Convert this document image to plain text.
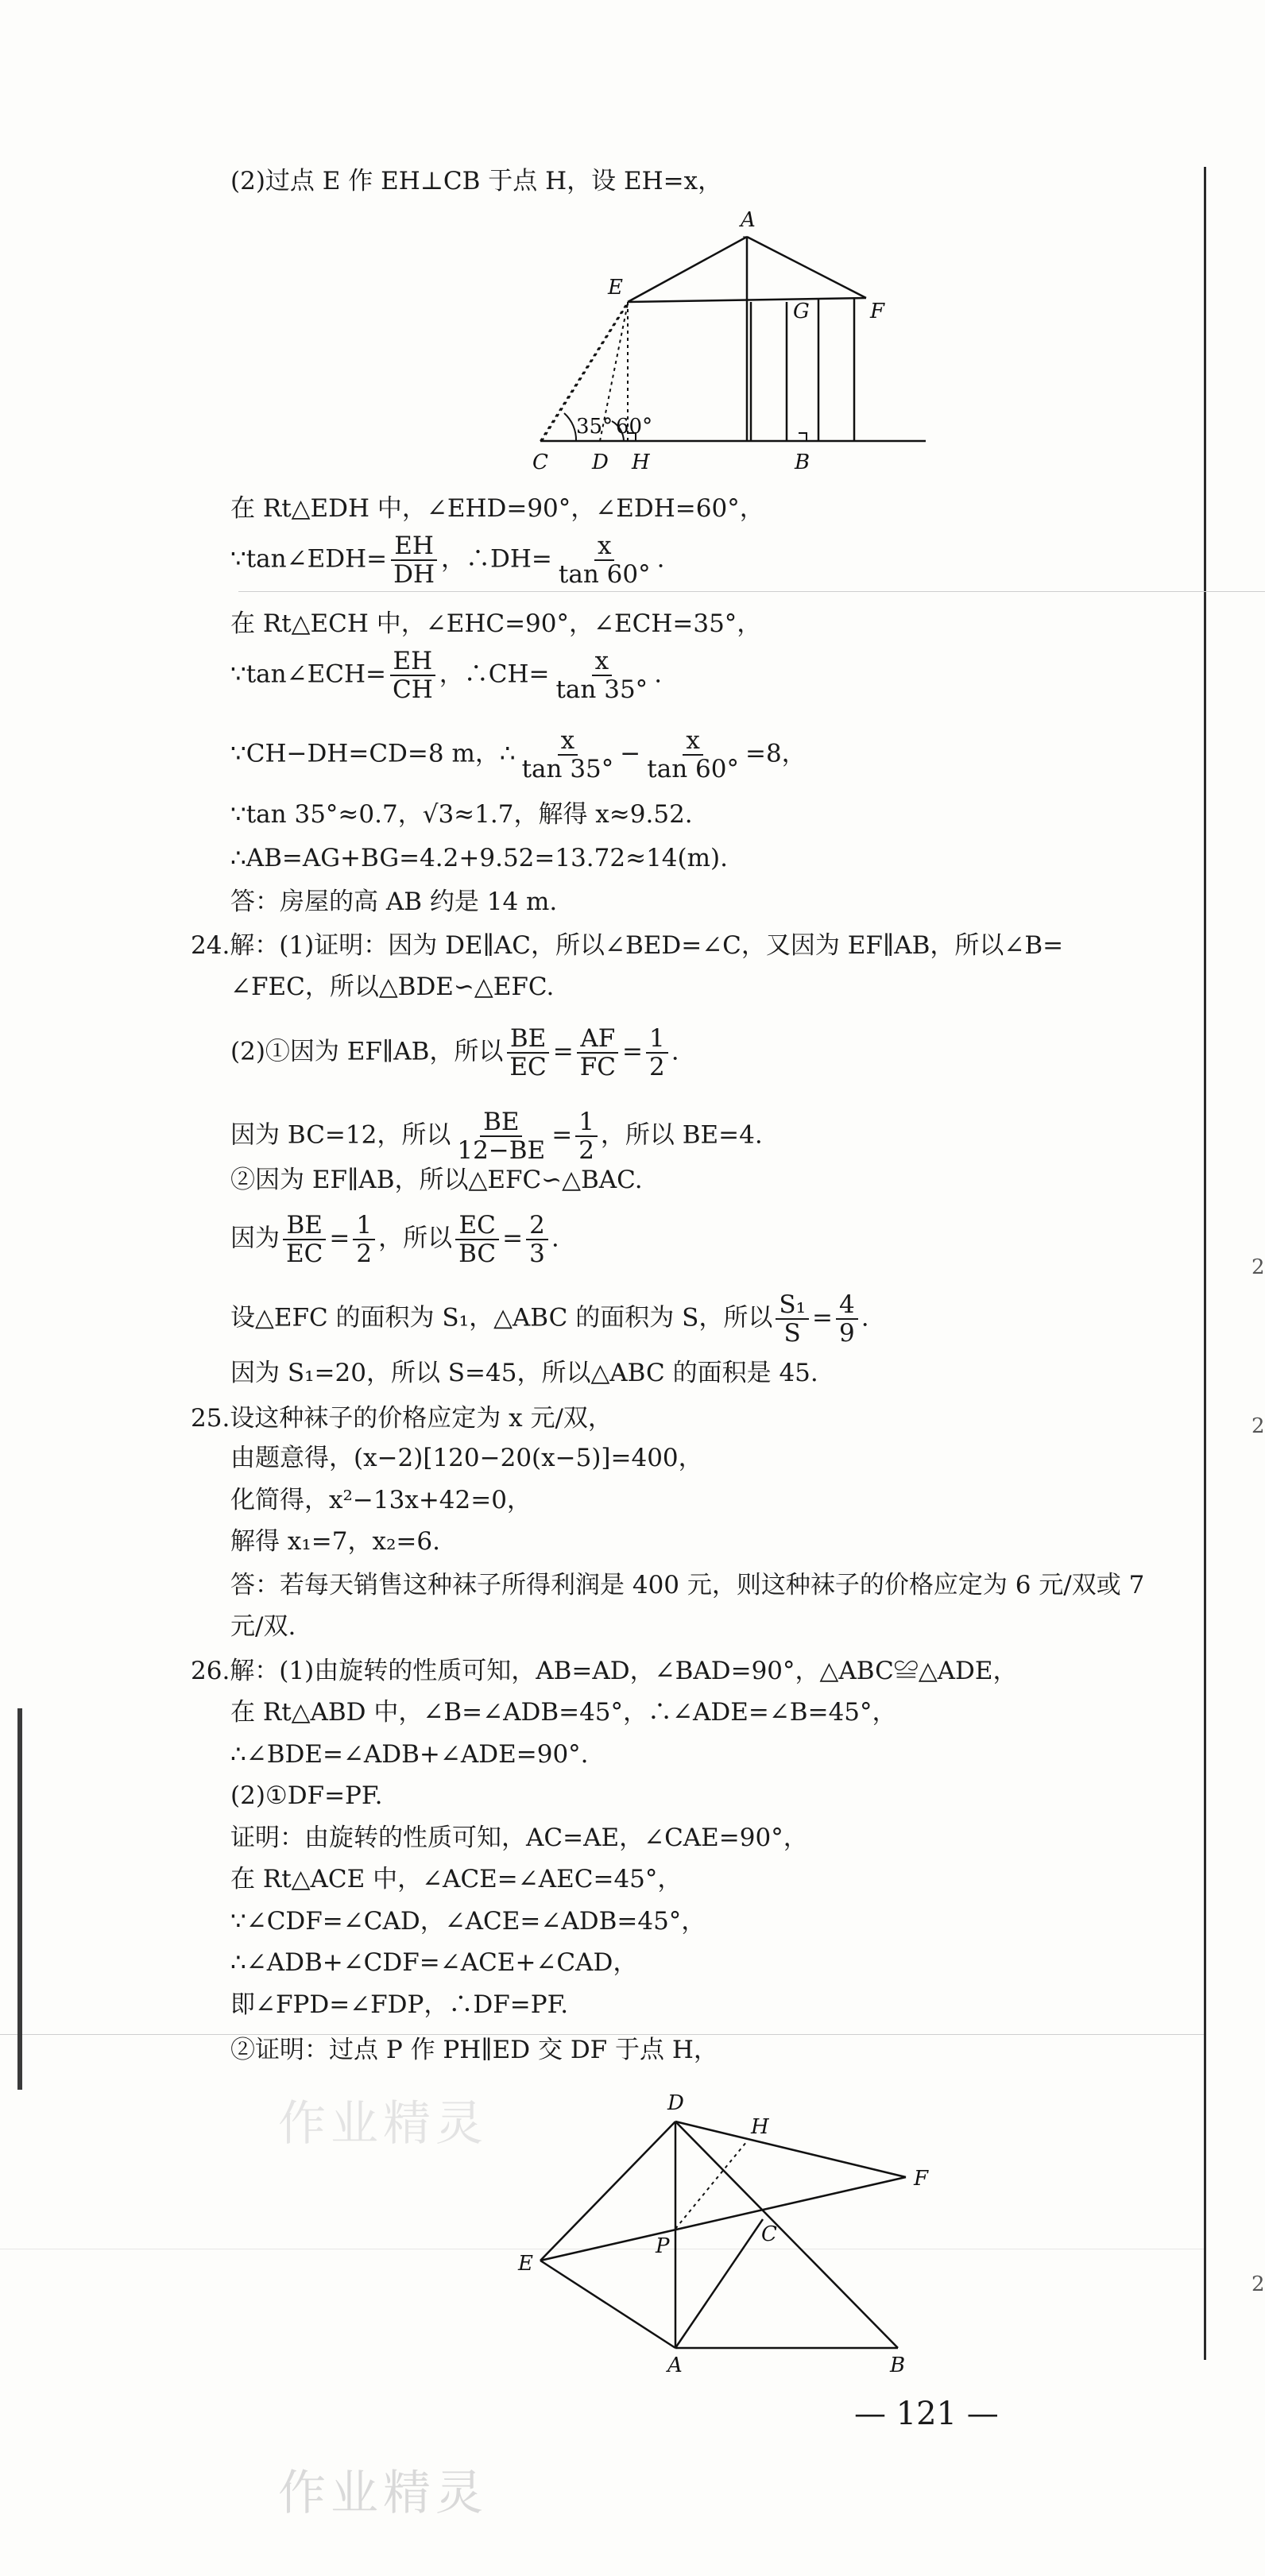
(2)过点 E 作 EH⊥CB 于点 H，设 EH=x，
A
E
G	F
C D H	B
35° 60°
在 Rt△EDH 中，∠EHD=90°，∠EDH=60°，
∵tan∠EDH= $\frac{EH}{DH}$ ，∴DH= $\frac{x}{\tan 60^\circ}$ .
在 Rt△ECH 中，∠EHC=90°，∠ECH=35°，
∵tan∠ECH= $\frac{EH}{CH}$ ，∴CH= $\frac{x}{\tan 35^\circ}$ .
∵CH−DH=CD=8 m，∴ $\frac{x}{\tan 35^\circ} - \frac{x}{\tan 60^\circ} =8$，
∵tan 35°≈0.7，√3≈1.7，解得 x≈9.52.
∴AB=AG+BG=4.2+9.52=13.72≈14(m).
答：房屋的高 AB 约是 14 m.
24.解：(1)证明：因为 DE∥AC，所以∠BED=∠C，又因为 EF∥AB，所以∠B=
∠FEC，所以△BDE∽△EFC.
(2)①因为 EF∥AB，所以 $\frac{BE}{EC} = \frac{AF}{FC} = \frac{1}{2}$ .
因为 BC=12，所以 $\frac{BE}{12-BE} = \frac{1}{2}$ ，所以 BE=4.
②因为 EF∥AB，所以△EFC∽△BAC.
因为 $\frac{BE}{EC} = \frac{1}{2}$ ，所以 $\frac{EC}{BC} = \frac{2}{3}$ .
设△EFC 的面积为 S₁，△ABC 的面积为 S，所以 $\frac{\text{S₁}}{S} = \frac{4}{9}$ .
因为 S₁=20，所以 S=45，所以△ABC 的面积是 45.
25.设这种袜子的价格应定为 x 元/双，
由题意得，(x−2)[120−20(x−5)]=400，
化简得，x²−13x+42=0，
解得 x₁=7，x₂=6.
答：若每天销售这种袜子所得利润是 400 元，则这种袜子的价格应定为 6 元/双或 7
元/双.
26.解：(1)由旋转的性质可知，AB=AD，∠BAD=90°，△ABC≌△ADE，
在 Rt△ABD 中，∠B=∠ADB=45°，∴∠ADE=∠B=45°，
∴∠BDE=∠ADB+∠ADE=90°.
(2)①DF=PF.
证明：由旋转的性质可知，AC=AE，∠CAE=90°，
在 Rt△ACE 中，∠ACE=∠AEC=45°，
∵∠CDF=∠CAD，∠ACE=∠ADB=45°，
∴∠ADB+∠CDF=∠ACE+∠CAD，
即∠FPD=∠FDP，∴DF=PF.
②证明：过点 P 作 PH∥ED 交 DF 于点 H，
D
H
F
E
P	C
A	B
作业精灵
作业精灵
2
2
2
— 121 —
